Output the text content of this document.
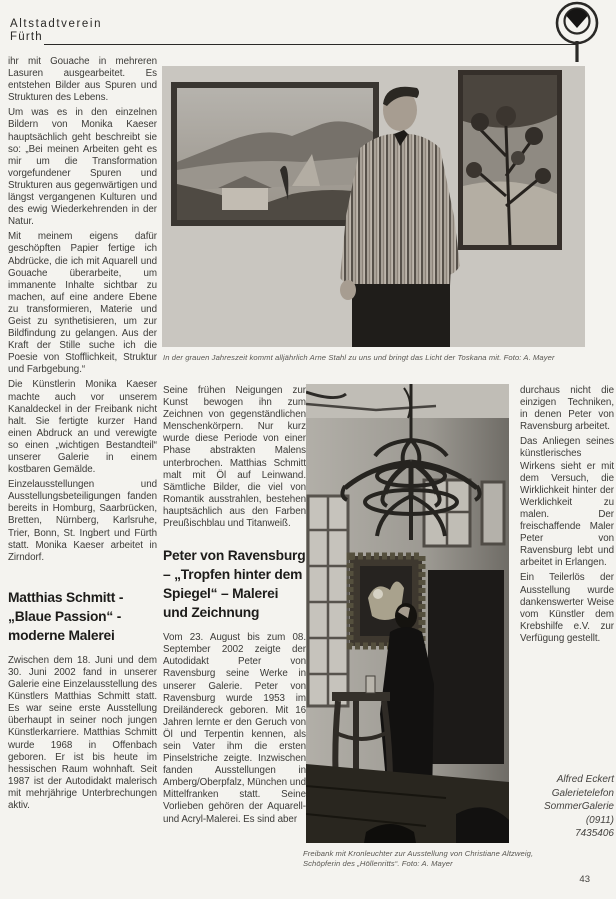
Altstadtverein
Fürth

ihr mit Gouache in mehreren Lasuren ausgearbeitet. Es entstehen Bilder aus Spuren und Strukturen des Lebens.

Um was es in den einzelnen Bildern von Monika Kaeser hauptsächlich geht beschreibt sie so: „Bei meinen Arbeiten geht es mir um die Transformation vorgefundener Spuren und Strukturen aus gegenwärtigen und längst vergangenen Kulturen und des ewig Wiederkehrenden in der Natur.

Mit meinem eigens dafür geschöpften Papier fertige ich Abdrücke, die ich mit Aquarell und Gouache überarbeite, um immanente Inhalte sichtbar zu machen, auf eine andere Ebene zu transformieren, Materie und Geist zu synthetisieren, um zur Bildfindung zu gelangen. Aus der Kraft der Stille suche ich die Poesie von Stofflichkeit, Struktur und Farbgebung.“

Die Künstlerin Monika Kaeser machte auch vor unserem Kanaldeckel in der Freibank nicht halt. Sie fertigte kurzer Hand einen Abdruck an und verewigte so einen „wichtigen Bestandteil“ unserer Galerie in einem kostbaren Gemälde.

Einzelausstellungen und Ausstellungsbeteiligungen fanden bereits in Homburg, Saarbrücken, Bretten, Nürnberg, Karlsruhe, Trier, Bonn, St. Ingbert und Fürth statt. Monika Kaeser arbeitet in Zirndorf.

Matthias Schmitt - „Blaue Passion“ - moderne Malerei

Zwischen dem 18. Juni und dem 30. Juni 2002 fand in unserer Galerie eine Einzelausstellung des Künstlers Matthias Schmitt statt. Es war seine erste Ausstellung überhaupt in seiner noch jungen Künstlerkarriere. Matthias Schmitt wurde 1968 in Offenbach geboren. Er ist bis heute im hessischen Raum wohnhaft. Seit 1987 ist der Autodidakt malerisch mit mehrjährige Unterbrechungen aktiv.

In der grauen Jahreszeit kommt alljährlich Arne Stahl zu uns und bringt das Licht der Toskana mit. Foto: A. Mayer

Seine frühen Neigungen zur Kunst bewogen ihn zum Zeichnen von gegenständlichen Menschenkörpern. Nur kurz wurde diese Periode von einer Phase abstrakten Malens unterbrochen. Matthias Schmitt malt mit Öl auf Leinwand. Sämtliche Bilder, die viel von Romantik ausstrahlen, bestehen hauptsächlich aus den Farben Preußischblau und Titanweiß.

Peter von Ravensburg – „Tropfen hinter dem Spiegel“ – Malerei und Zeichnung

Vom 23. August bis zum 08. September 2002 zeigte der Autodidakt Peter von Ravensburg seine Werke in unserer Galerie. Peter von Ravensburg wurde 1953 im Dreiländereck geboren. Mit 16 Jahren lernte er den Geruch von Öl und Terpentin kennen, als sein Vater ihm die ersten Pinselstriche zeigte. Inzwischen fanden Ausstellungen in Amberg/Oberpfalz, München und Mittelfranken statt. Seine Vorlieben gehören der Aquarell- und Acryl-Malerei. Es sind aber

Freibank mit Kronleuchter zur Ausstellung von Christiane Altzweig, Schöpferin des „Höllenritts“. Foto: A. Mayer

durchaus nicht die einzigen Techniken, in denen Peter von Ravensburg arbeitet.

Das Anliegen seines künstlerisches Wirkens sieht er mit dem Versuch, die Wirklichkeit hinter der Werklichkeit zu malen. Der freischaffende Maler Peter von Ravensburg lebt und arbeitet in Erlangen.

Ein Teilerlös der Ausstellung wurde dankenswerter Weise vom Künstler dem Krebshilfe e.V. zur Verfügung gestellt.

Alfred Eckert
Galerietelefon
SommerGalerie
(0911)
7435406
43
